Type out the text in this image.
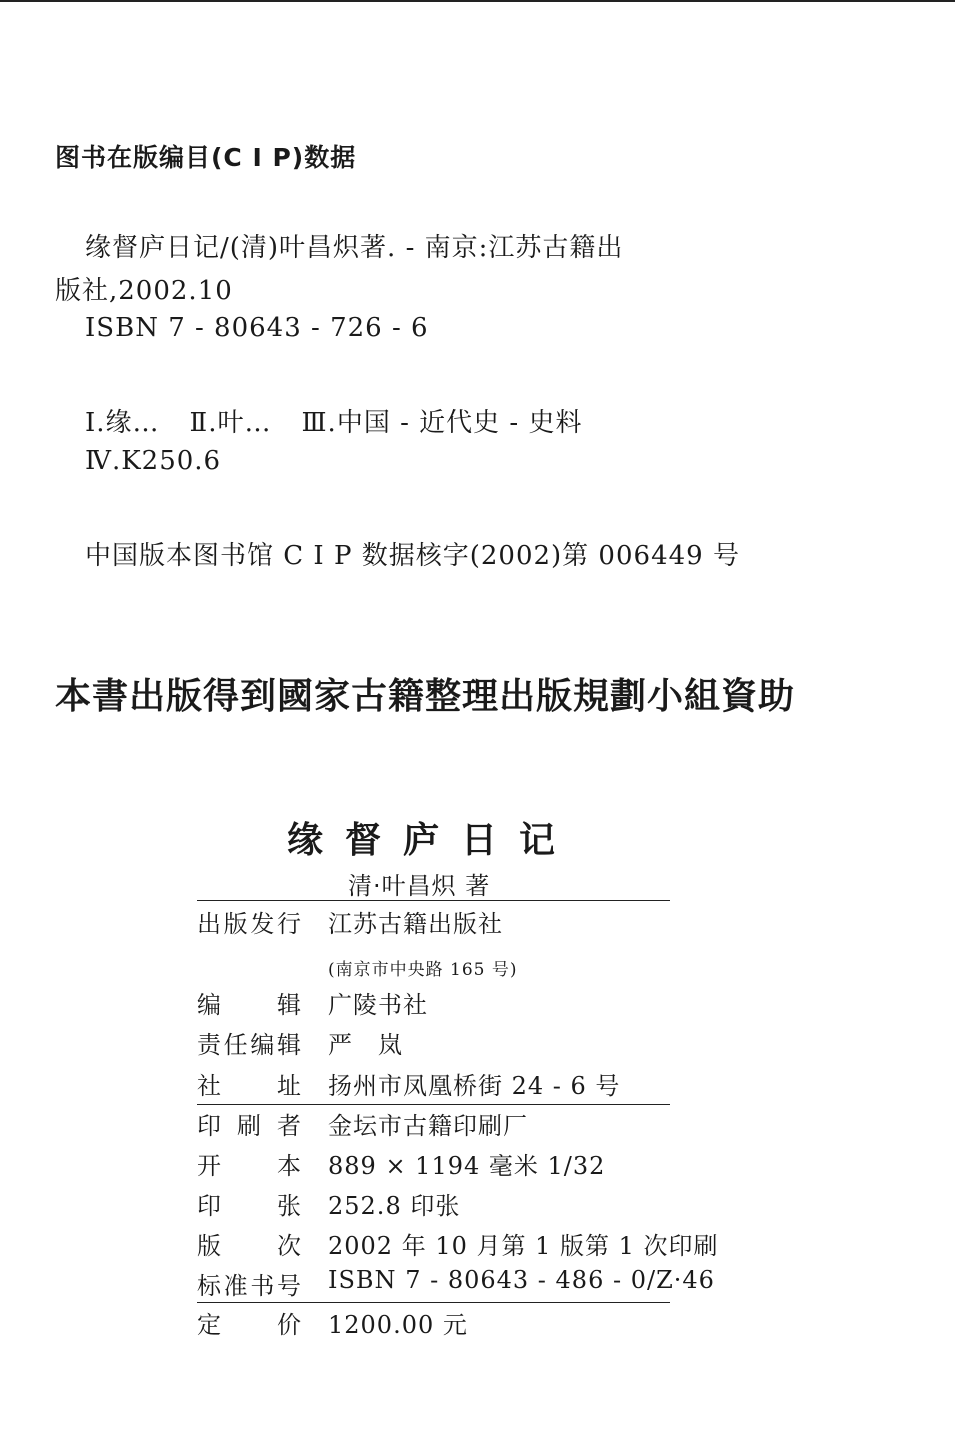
图书在版编目(C I P)数据
缘督庐日记/(清)叶昌炽著. - 南京:江苏古籍出
版社,2002.10
ISBN 7 - 80643 - 726 - 6
Ⅰ.缘… Ⅱ.叶… Ⅲ.中国 - 近代史 - 史料
Ⅳ.K250.6
中国版本图书馆 C I P 数据核字(2002)第 006449 号
本書出版得到國家古籍整理出版規劃小組資助
缘督庐日记
清·叶昌炽 著
出版发行 江苏古籍出版社
(南京市中央路 165 号)
编辑 广陵书社
责任编辑 严　岚
社址 扬州市凤凰桥街 24 - 6 号
印刷者 金坛市古籍印刷厂
开本 889 × 1194 毫米 1/32
印张 252.8 印张
版次 2002 年 10 月第 1 版第 1 次印刷
标准书号 ISBN 7 - 80643 - 486 - 0/Z·46
定价 1200.00 元
